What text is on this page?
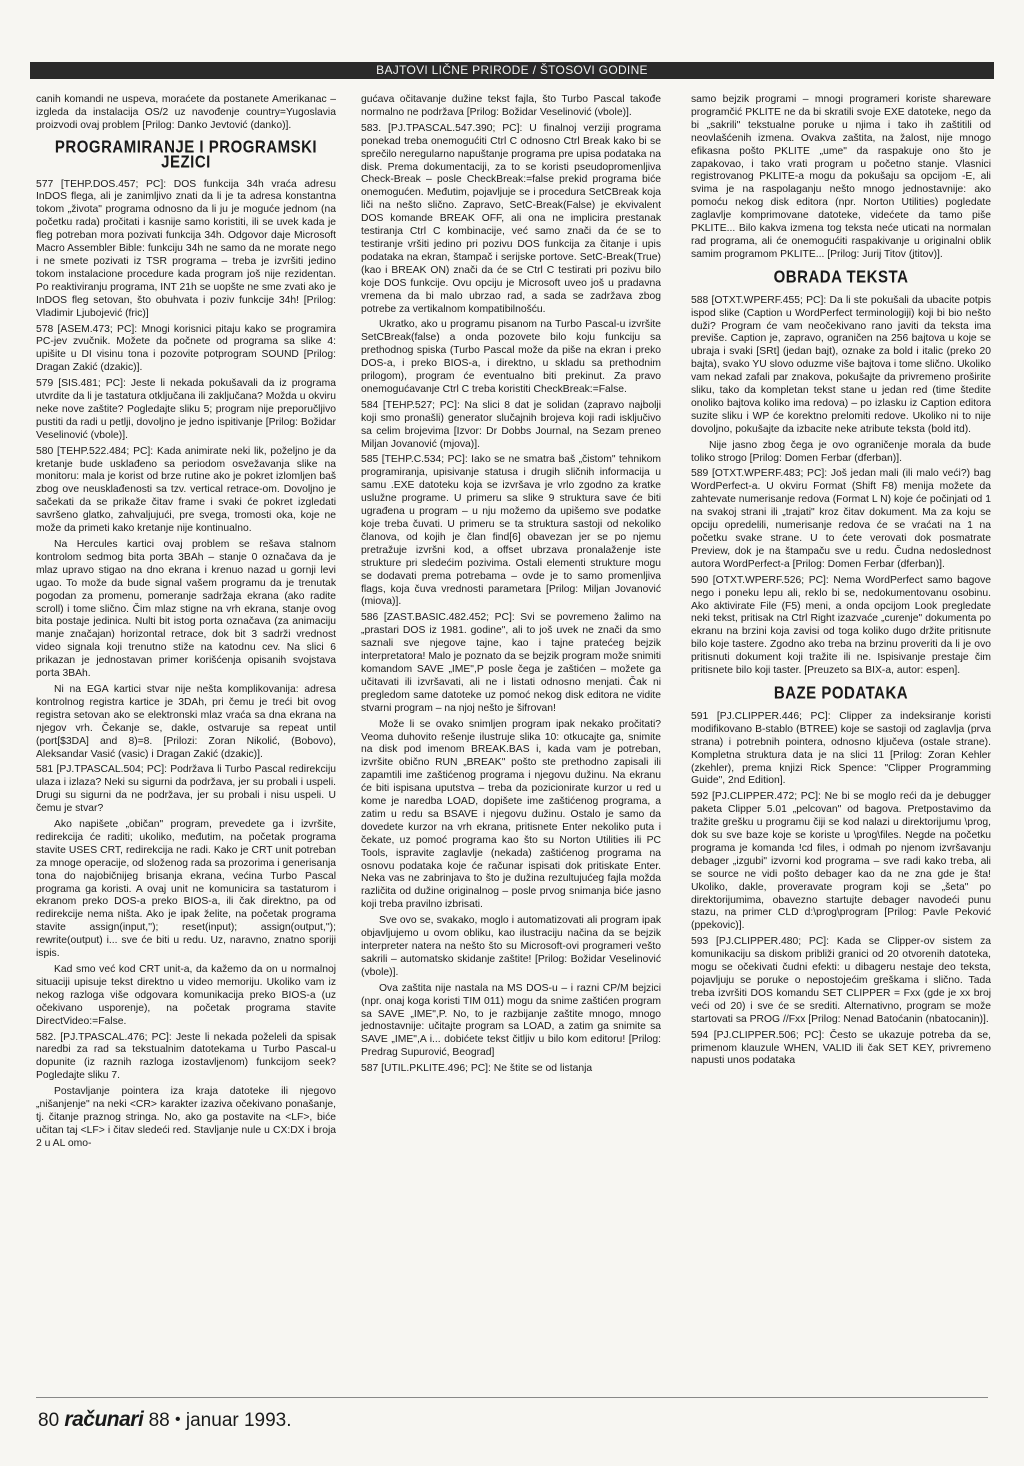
BAJTOVI LIČNE PRIRODE / ŠTOSOVI GODINE

canih komandi ne uspeva, moraćete da postanete Amerikanac – izgleda da instalacija OS/2 uz navođenje country=Yugoslavia proizvodi ovaj problem [Prilog: Danko Jevtović (danko)].

PROGRAMIRANJE I PROGRAMSKI JEZICI

577 [TEHP.DOS.457; PC]: DOS funkcija 34h vraća adresu InDOS flega, ali je zanimljivo znati da li je ta adresa konstantna tokom „života" programa odnosno da li ju je moguće jednom (na početku rada) pročitati i kasnije samo koristiti, ili se uvek kada je fleg potreban mora pozivati funkcija 34h. Odgovor daje Microsoft Macro Assembler Bible: funkciju 34h ne samo da ne morate nego i ne smete pozivati iz TSR programa – treba je izvršiti jedino tokom instalacione procedure kada program još nije rezidentan. Po reaktiviranju programa, INT 21h se uopšte ne sme zvati ako je InDOS fleg setovan, što obuhvata i poziv funkcije 34h! [Prilog: Vladimir Ljubojević (fric)]

578 [ASEM.473; PC]: Mnogi korisnici pitaju kako se programira PC-jev zvučnik. Možete da počnete od programa sa slike 4: upišite u DI visinu tona i pozovite potprogram SOUND [Prilog: Dragan Zakić (dzakic)].

579 [SIS.481; PC]: Jeste li nekada pokušavali da iz programa utvrdite da li je tastatura otključana ili zaključana? Možda u okviru neke nove zaštite? Pogledajte sliku 5; program nije preporučljivo pustiti da radi u petlji, dovoljno je jedno ispitivanje [Prilog: Božidar Veselinović (vbole)].

580 [TEHP.522.484; PC]: Kada animirate neki lik, poželjno je da kretanje bude usklađeno sa periodom osvežavanja slike na monitoru: mala je korist od brze rutine ako je pokret izlomljen baš zbog ove neusklađenosti sa tzv. vertical retrace-om. Dovoljno je sačekati da se prikaže čitav frame i svaki će pokret izgledati savršeno glatko, zahvaljujući, pre svega, tromosti oka, koje ne može da primeti kako kretanje nije kontinualno.

Na Hercules kartici ovaj problem se rešava stalnom kontrolom sedmog bita porta 3BAh – stanje 0 označava da je mlaz upravo stigao na dno ekrana i krenuo nazad u gornji levi ugao. To može da bude signal vašem programu da je trenutak pogodan za promenu, pomeranje sadržaja ekrana (ako radite scroll) i tome slično. Čim mlaz stigne na vrh ekrana, stanje ovog bita postaje jedinica. Nulti bit istog porta označava (za animaciju manje značajan) horizontal retrace, dok bit 3 sadrži vrednost video signala koji trenutno stiže na katodnu cev. Na slici 6 prikazan je jednostavan primer korišćenja opisanih svojstava porta 3BAh.

Ni na EGA kartici stvar nije nešta komplikovanija: adresa kontrolnog registra kartice je 3DAh, pri čemu je treći bit ovog registra setovan ako se elektronski mlaz vraća sa dna ekrana na njegov vrh. Čekanje se, dakle, ostvaruje sa repeat until (port[$3DA] and 8)=8. [Prilozi: Zoran Nikolić, (Bobovo), Aleksandar Vasić (vasic) i Dragan Zakić (dzakic)].

581 [PJ.TPASCAL.504; PC]: Podržava li Turbo Pascal redirekciju ulaza i izlaza? Neki su sigurni da podržava, jer su probali i uspeli. Drugi su sigurni da ne podržava, jer su probali i nisu uspeli. U čemu je stvar?

Ako napišete „običan" program, prevedete ga i izvršite, redirekcija će raditi; ukoliko, međutim, na početak programa stavite USES CRT, redirekcija ne radi. Kako je CRT unit potreban za mnoge operacije, od složenog rada sa prozorima i generisanja tona do najobičnijeg brisanja ekrana, većina Turbo Pascal programa ga koristi. A ovaj unit ne komunicira sa tastaturom i ekranom preko DOS-a preko BIOS-a, ili čak direktno, pa od redirekcije nema ništa. Ako je ipak želite, na početak programa stavite assign(input,''); reset(input); assign(output,''); rewrite(output) i... sve će biti u redu. Uz, naravno, znatno sporiji ispis.

Kad smo već kod CRT unit-a, da kažemo da on u normalnoj situaciji upisuje tekst direktno u video memoriju. Ukoliko vam iz nekog razloga više odgovara komunikacija preko BIOS-a (uz očekivano usporenje), na početak programa stavite DirectVideo:=False.

582. [PJ.TPASCAL.476; PC]: Jeste li nekada poželeli da spisak naredbi za rad sa tekstualnim datotekama u Turbo Pascal-u dopunite (iz raznih razloga izostavljenom) funkcijom seek? Pogledajte sliku 7.

Postavljanje pointera iza kraja datoteke ili njegovo „nišanjenje" na neki <CR> karakter izaziva očekivano ponašanje, tj. čitanje praznog stringa. No, ako ga postavite na <LF>, biće učitan taj <LF> i čitav sledeći red. Stavljanje nule u CX:DX i broja 2 u AL omo-

gućava očitavanje dužine tekst fajla, što Turbo Pascal takođe normalno ne podržava [Prilog: Božidar Veselinović (vbole)].

583. [PJ.TPASCAL.547.390; PC]: U finalnoj verziji programa ponekad treba onemogućiti Ctrl C odnosno Ctrl Break kako bi se sprečilo neregularno napuštanje programa pre upisa podataka na disk. Prema dokumentaciji, za to se koristi pseudopromenljiva Check-Break – posle CheckBreak:=false prekid programa biće onemogućen. Međutim, pojavljuje se i procedura SetCBreak koja liči na nešto slično. Zapravo, SetC-Break(False) je ekvivalent DOS komande BREAK OFF, ali ona ne implicira prestanak testiranja Ctrl C kombinacije, već samo znači da će se to testiranje vršiti jedino pri pozivu DOS funkcija za čitanje i upis podataka na ekran, štampač i serijske portove. SetC-Break(True) (kao i BREAK ON) znači da će se Ctrl C testirati pri pozivu bilo koje DOS funkcije. Ovu opciju je Microsoft uveo još u pradavna vremena da bi malo ubrzao rad, a sada se zadržava zbog potrebe za vertikalnom kompatibilnošću.

Ukratko, ako u programu pisanom na Turbo Pascal-u izvršite SetCBreak(false) a onda pozovete bilo koju funkciju sa prethodnog spiska (Turbo Pascal može da piše na ekran i preko DOS-a, i preko BIOS-a, i direktno, u skladu sa prethodnim prilogom), program će eventualno biti prekinut. Za pravo onemogućavanje Ctrl C treba koristiti CheckBreak:=False.

584 [TEHP.527; PC]: Na slici 8 dat je solidan (zapravo najbolji koji smo pronašli) generator slučajnih brojeva koji radi isključivo sa celim brojevima [Izvor: Dr Dobbs Journal, na Sezam preneo Miljan Jovanović (mjova)].

585 [TEHP.C.534; PC]: Iako se ne smatra baš „čistom" tehnikom programiranja, upisivanje statusa i drugih sličnih informacija u samu .EXE datoteku koja se izvršava je vrlo zgodno za kratke uslužne programe. U primeru sa slike 9 struktura save će biti ugrađena u program – u nju možemo da upišemo sve podatke koje treba čuvati. U primeru se ta struktura sastoji od nekoliko članova, od kojih je član find[6] obavezan jer se po njemu pretražuje izvršni kod, a offset ubrzava pronalaženje iste strukture pri sledećim pozivima. Ostali elementi strukture mogu se dodavati prema potrebama – ovde je to samo promenljiva flags, koja čuva vrednosti parametara [Prilog: Miljan Jovanović (miova)].

586 [ZAST.BASIC.482.452; PC]: Svi se povremeno žalimo na „prastari DOS iz 1981. godine", ali to još uvek ne znači da smo saznali sve njegove tajne, kao i tajne pratećeg bejzik interpretatora! Malo je poznato da se bejzik program može snimiti komandom SAVE „IME",P posle čega je zaštićen – možete ga učitavati ili izvršavati, ali ne i listati odnosno menjati. Čak ni pregledom same datoteke uz pomoć nekog disk editora ne vidite stvarni program – na njoj nešto je šifrovan!

Može li se ovako snimljen program ipak nekako pročitati? Veoma duhovito rešenje ilustruje slika 10: otkucajte ga, snimite na disk pod imenom BREAK.BAS i, kada vam je potreban, izvršite obično RUN „BREAK" pošto ste prethodno zapisali ili zapamtili ime zaštićenog programa i njegovu dužinu. Na ekranu će biti ispisana uputstva – treba da pozicionirate kurzor u red u kome je naredba LOAD, dopišete ime zaštićenog programa, a zatim u redu sa BSAVE i njegovu dužinu. Ostalo je samo da dovedete kurzor na vrh ekrana, pritisnete Enter nekoliko puta i čekate, uz pomoć programa kao što su Norton Utilities ili PC Tools, ispravite zaglavlje (nekada) zaštićenog programa na osnovu podataka koje će računar ispisati dok pritiskate Enter. Neka vas ne zabrinjava to što je dužina rezultujućeg fajla možda različita od dužine originalnog – posle prvog snimanja biće jasno koji treba pravilno izbrisati.

Sve ovo se, svakako, moglo i automatizovati ali program ipak objavljujemo u ovom obliku, kao ilustraciju načina da se bejzik interpreter natera na nešto što su Microsoft-ovi programeri vešto sakrili – automatsko skidanje zaštite! [Prilog: Božidar Veselinović (vbole)].

Ova zaštita nije nastala na MS DOS-u – i razni CP/M bejzici (npr. onaj koga koristi TIM 011) mogu da snime zaštićen program sa SAVE „IME",P. No, to je razbijanje zaštite mnogo, mnogo jednostavnije: učitajte program sa LOAD, a zatim ga snimite sa SAVE „IME",A i... dobićete tekst čitljiv u bilo kom editoru! [Prilog: Predrag Supurović, Beograd]

587 [UTIL.PKLITE.496; PC]: Ne štite se od listanja

samo bejzik programi – mnogi programeri koriste shareware programčić PKLITE ne da bi skratili svoje EXE datoteke, nego da bi „sakrili" tekstualne poruke u njima i tako ih zaštitili od neovlašćenih izmena. Ovakva zaštita, na žalost, nije mnogo efikasna pošto PKLITE „ume" da raspakuje ono što je zapakovao, i tako vrati program u početno stanje. Vlasnici registrovanog PKLITE-a mogu da pokušaju sa opcijom -E, ali svima je na raspolaganju nešto mnogo jednostavnije: ako pomoću nekog disk editora (npr. Norton Utilities) pogledate zaglavlje komprimovane datoteke, videćete da tamo piše PKLITE... Bilo kakva izmena tog teksta neće uticati na normalan rad programa, ali će onemogućiti raspakivanje u originalni oblik samim programom PKLITE... [Prilog: Jurij Titov (jtitov)].

OBRADA TEKSTA

588 [OTXT.WPERF.455; PC]: Da li ste pokušali da ubacite potpis ispod slike (Caption u WordPerfect terminologiji) koji bi bio nešto duži? Program će vam neočekivano rano javiti da teksta ima previše. Caption je, zapravo, ograničen na 256 bajtova u koje se ubraja i svaki [SRt] (jedan bajt), oznake za bold i italic (preko 20 bajta), svako YU slovo oduzme više bajtova i tome slično. Ukoliko vam nekad zafali par znakova, pokušajte da privremeno proširite sliku, tako da kompletan tekst stane u jedan red (time štedite onoliko bajtova koliko ima redova) – po izlasku iz Caption editora suzite sliku i WP će korektno prelomiti redove. Ukoliko ni to nije dovoljno, pokušajte da izbacite neke atribute teksta (bold itd).

Nije jasno zbog čega je ovo ograničenje morala da bude toliko strogo [Prilog: Domen Ferbar (dferban)].

589 [OTXT.WPERF.483; PC]: Još jedan mali (ili malo veći?) bag WordPerfect-a. U okviru Format (Shift F8) menija možete da zahtevate numerisanje redova (Format L N) koje će počinjati od 1 na svakoj strani ili „trajati" kroz čitav dokument. Ma za koju se opciju opredelili, numerisanje redova će se vraćati na 1 na početku svake strane. U to ćete verovati dok posmatrate Preview, dok je na štampaču sve u redu. Čudna nedoslednost autora WordPerfect-a [Prilog: Domen Ferbar (dferban)].

590 [OTXT.WPERF.526; PC]: Nema WordPerfect samo bagove nego i poneku lepu ali, reklo bi se, nedokumentovanu osobinu. Ako aktivirate File (F5) meni, a onda opcijom Look pregledate neki tekst, pritisak na Ctrl Right izazvaće „curenje" dokumenta po ekranu na brzini koja zavisi od toga koliko dugo držite pritisnute bilo koje tastere. Zgodno ako treba na brzinu proveriti da li je ovo pritisnuti dokument koji tražite ili ne. Ispisivanje prestaje čim pritisnete bilo koji taster. [Preuzeto sa BIX-a, autor: espen].

BAZE PODATAKA

591 [PJ.CLIPPER.446; PC]: Clipper za indeksiranje koristi modifikovano B-stablo (BTREE) koje se sastoji od zaglavlja (prva strana) i potrebnih pointera, odnosno ključeva (ostale strane). Kompletna struktura data je na slici 11 [Prilog: Zoran Kehler (zkehler), prema knjizi Rick Spence: "Clipper Programming Guide", 2nd Edition].

592 [PJ.CLIPPER.472; PC]: Ne bi se moglo reći da je debugger paketa Clipper 5.01 „pelcovan" od bagova. Pretpostavimo da tražite grešku u programu čiji se kod nalazi u direktorijumu \prog, dok su sve baze koje se koriste u \prog\files. Negde na početku programa je komanda !cd files, i odmah po njenom izvršavanju debager „izgubi" izvorni kod programa – sve radi kako treba, ali se source ne vidi pošto debager kao da ne zna gde je šta! Ukoliko, dakle, proveravate program koji se „šeta" po direktorijumima, obavezno startujte debager navodeći punu stazu, na primer CLD d:\prog\program [Prilog: Pavle Peković (ppekovic)].

593 [PJ.CLIPPER.480; PC]: Kada se Clipper-ov sistem za komunikaciju sa diskom približi granici od 20 otvorenih datoteka, mogu se očekivati čudni efekti: u dibageru nestaje deo teksta, pojavljuju se poruke o nepostojećim greškama i slično. Tada treba izvršiti DOS komandu SET CLIPPER = Fxx (gde je xx broj veći od 20) i sve će se srediti. Alternativno, program se može startovati sa PROG //Fxx [Prilog: Nenad Batoćanin (nbatocanin)].

594 [PJ.CLIPPER.506; PC]: Često se ukazuje potreba da se, primenom klauzule WHEN, VALID ili čak SET KEY, privremeno napusti unos podataka

80 računari 88 • januar 1993.
